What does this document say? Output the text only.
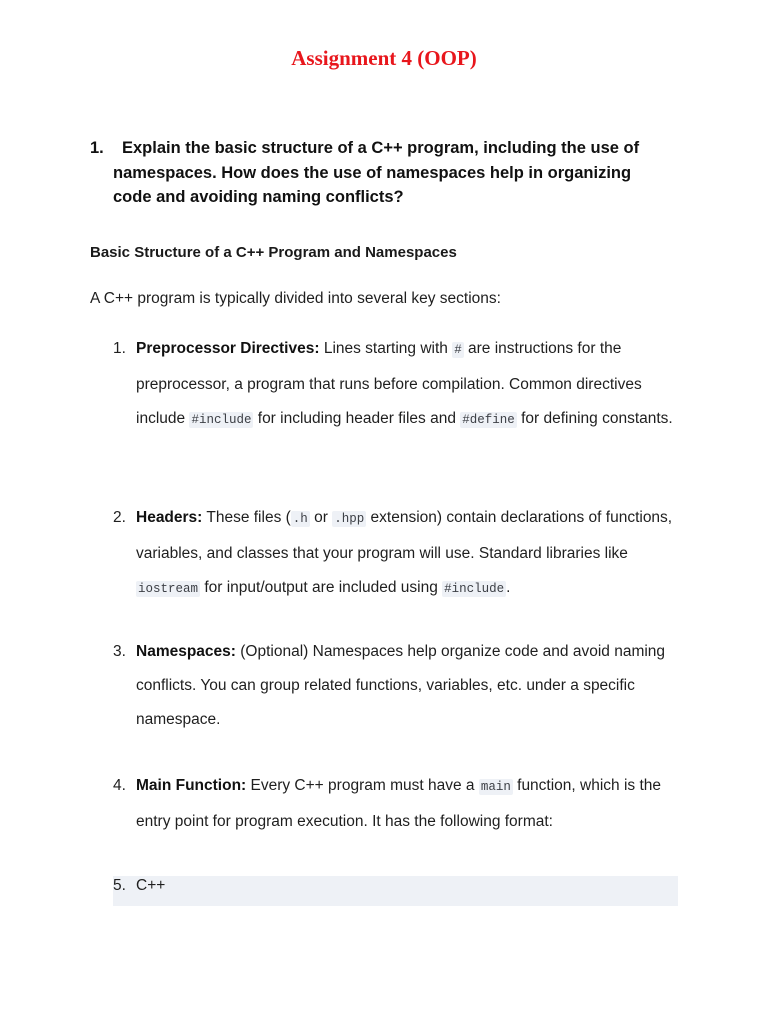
Assignment 4 (OOP)
1.	Explain the basic structure of a C++ program, including the use of
namespaces. How does the use of namespaces help in organizing
code and avoiding naming conflicts?
Basic Structure of a C++ Program and Namespaces
A C++ program is typically divided into several key sections:
1. Preprocessor Directives: Lines starting with # are instructions for the preprocessor, a program that runs before compilation. Common directives include #include for including header files and #define for defining constants.
2. Headers: These files ( .h or .hpp extension) contain declarations of functions, variables, and classes that your program will use. Standard libraries like iostream for input/output are included using #include .
3. Namespaces: (Optional) Namespaces help organize code and avoid naming conflicts. You can group related functions, variables, etc. under a specific namespace.
4. Main Function: Every C++ program must have a main function, which is the entry point for program execution. It has the following format:
5. C++
